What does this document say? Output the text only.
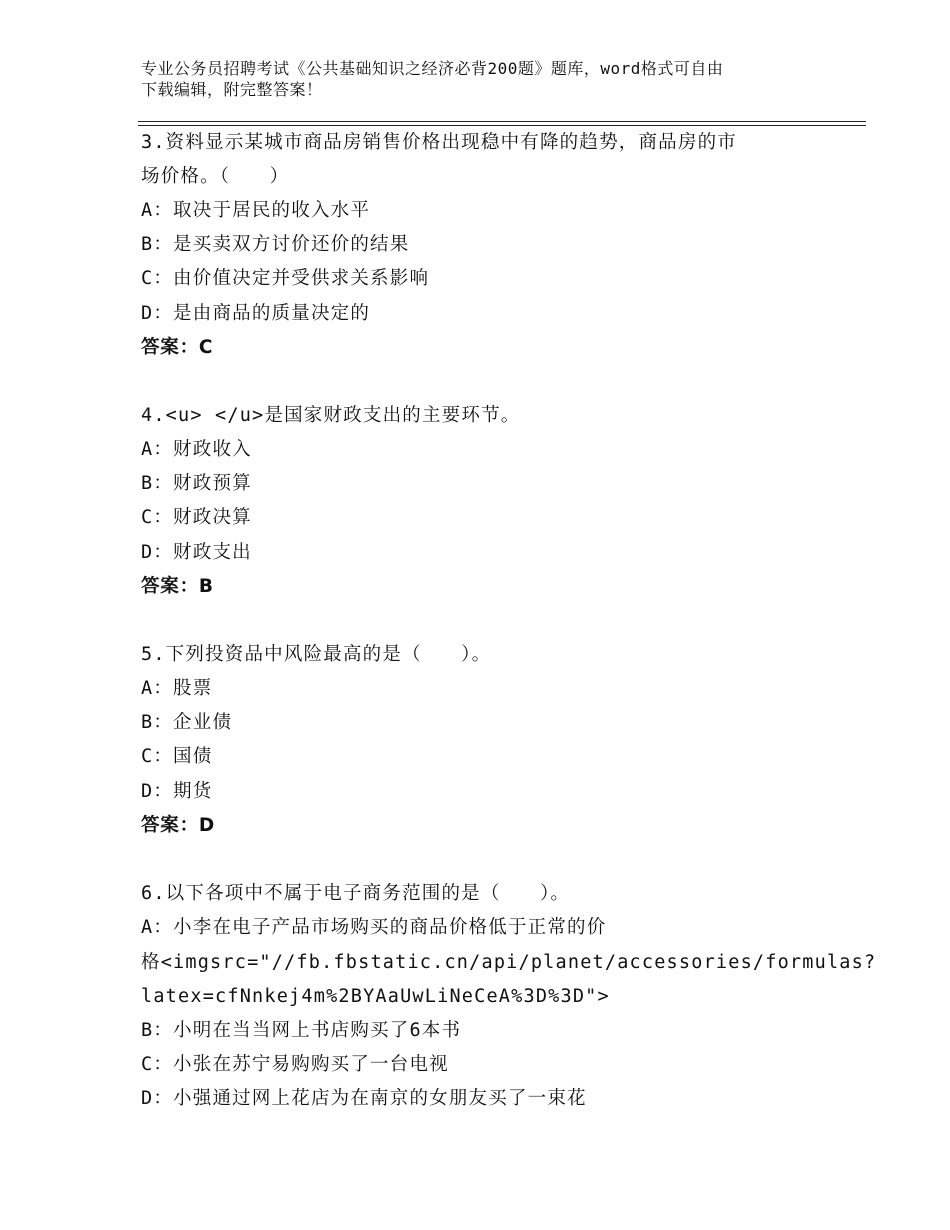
专业公务员招聘考试《公共基础知识之经济必背200题》题库，word格式可自由
下载编辑，附完整答案！
3.资料显示某城市商品房销售价格出现稳中有降的趋势，商品房的市
场价格。（　　）
A：取决于居民的收入水平
B：是买卖双方讨价还价的结果
C：由价值决定并受供求关系影响
D：是由商品的质量决定的
答案：C
4.<u> </u>是国家财政支出的主要环节。
A：财政收入
B：财政预算
C：财政决算
D：财政支出
答案：B
5.下列投资品中风险最高的是（　　）。
A：股票
B：企业债
C：国债
D：期货
答案：D
6.以下各项中不属于电子商务范围的是（　　）。
A：小李在电子产品市场购买的商品价格低于正常的价
格<imgsrc="//fb.fbstatic.cn/api/planet/accessories/formulas?
latex=cfNnkej4m%2BYAaUwLiNeCeA%3D%3D">
B：小明在当当网上书店购买了6本书
C：小张在苏宁易购购买了一台电视
D：小强通过网上花店为在南京的女朋友买了一束花
